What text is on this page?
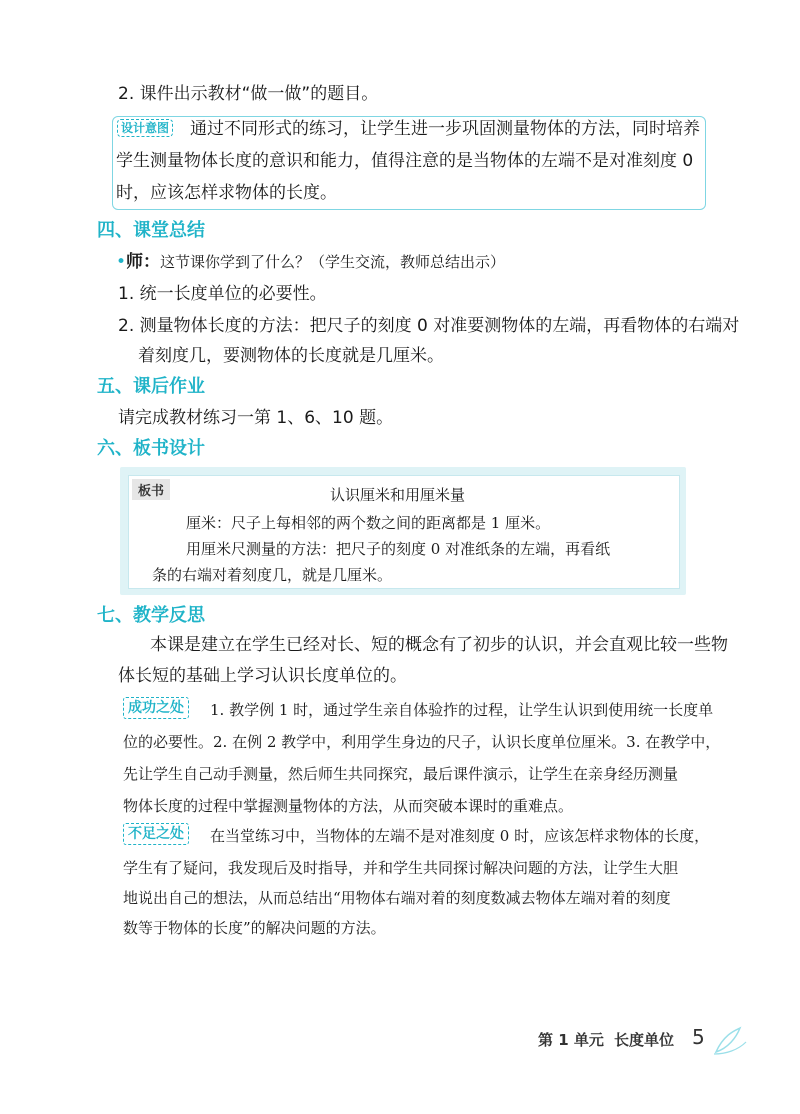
2. 课件出示教材“做一做”的题目。
设计意图 通过不同形式的练习，让学生进一步巩固测量物体的方法，同时培养
学生测量物体长度的意识和能力，值得注意的是当物体的左端不是对准刻度 0
时，应该怎样求物体的长度。
四、课堂总结
•师：这节课你学到了什么？（学生交流，教师总结出示）
1. 统一长度单位的必要性。
2. 测量物体长度的方法：把尺子的刻度 0 对准要测物体的左端，再看物体的右端对
着刻度几，要测物体的长度就是几厘米。
五、课后作业
请完成教材练习一第 1、6、10 题。
六、板书设计
板书	认识厘米和用厘米量
厘米：尺子上每相邻的两个数之间的距离都是 1 厘米。
用厘米尺测量的方法：把尺子的刻度 0 对准纸条的左端，再看纸
条的右端对着刻度几，就是几厘米。
七、教学反思
本课是建立在学生已经对长、短的概念有了初步的认识，并会直观比较一些物
体长短的基础上学习认识长度单位的。
成功之处	1. 教学例 1 时，通过学生亲自体验拃的过程，让学生认识到使用统一长度单
位的必要性。2. 在例 2 教学中，利用学生身边的尺子，认识长度单位厘米。3. 在教学中，
先让学生自己动手测量，然后师生共同探究，最后课件演示，让学生在亲身经历测量
物体长度的过程中掌握测量物体的方法，从而突破本课时的重难点。
不足之处	在当堂练习中，当物体的左端不是对准刻度 0 时，应该怎样求物体的长度，
学生有了疑问，我发现后及时指导，并和学生共同探讨解决问题的方法，让学生大胆
地说出自己的想法，从而总结出“用物体右端对着的刻度数减去物体左端对着的刻度
数等于物体的长度”的解决问题的方法。
第 1 单元 长度单位 5
